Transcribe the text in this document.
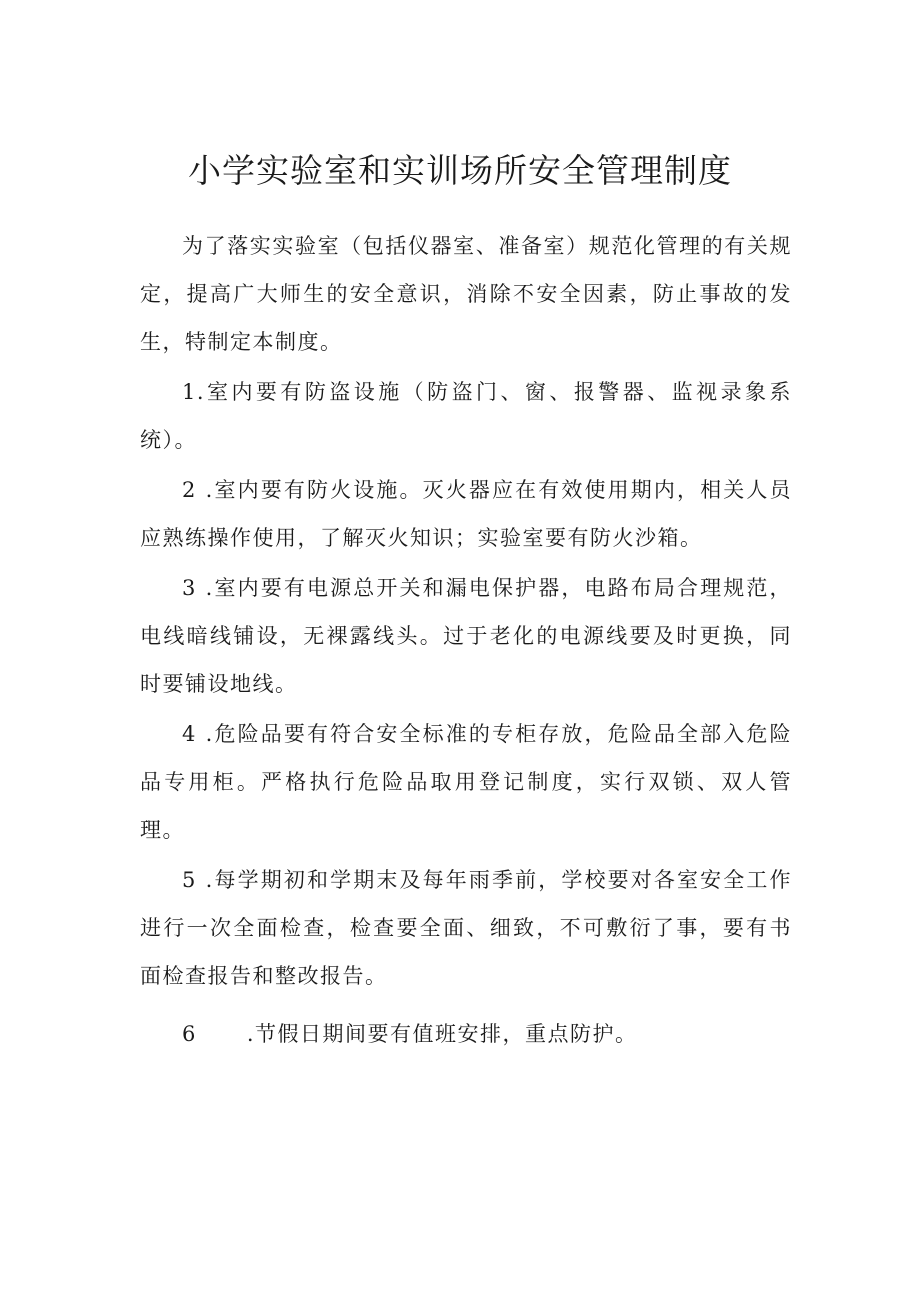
小学实验室和实训场所安全管理制度

为了落实实验室（包括仪器室、准备室）规范化管理的有关规定，提高广大师生的安全意识，消除不安全因素，防止事故的发生，特制定本制度。

1.室内要有防盗设施（防盗门、窗、报警器、监视录象系统）。

2 .室内要有防火设施。灭火器应在有效使用期内，相关人员应熟练操作使用，了解灭火知识；实验室要有防火沙箱。

3 .室内要有电源总开关和漏电保护器，电路布局合理规范，电线暗线铺设，无裸露线头。过于老化的电源线要及时更换，同时要铺设地线。

4 .危险品要有符合安全标准的专柜存放，危险品全部入危险品专用柜。严格执行危险品取用登记制度，实行双锁、双人管理。

5 .每学期初和学期末及每年雨季前，学校要对各室安全工作进行一次全面检查，检查要全面、细致，不可敷衍了事，要有书面检查报告和整改报告。

6 .节假日期间要有值班安排，重点防护。
